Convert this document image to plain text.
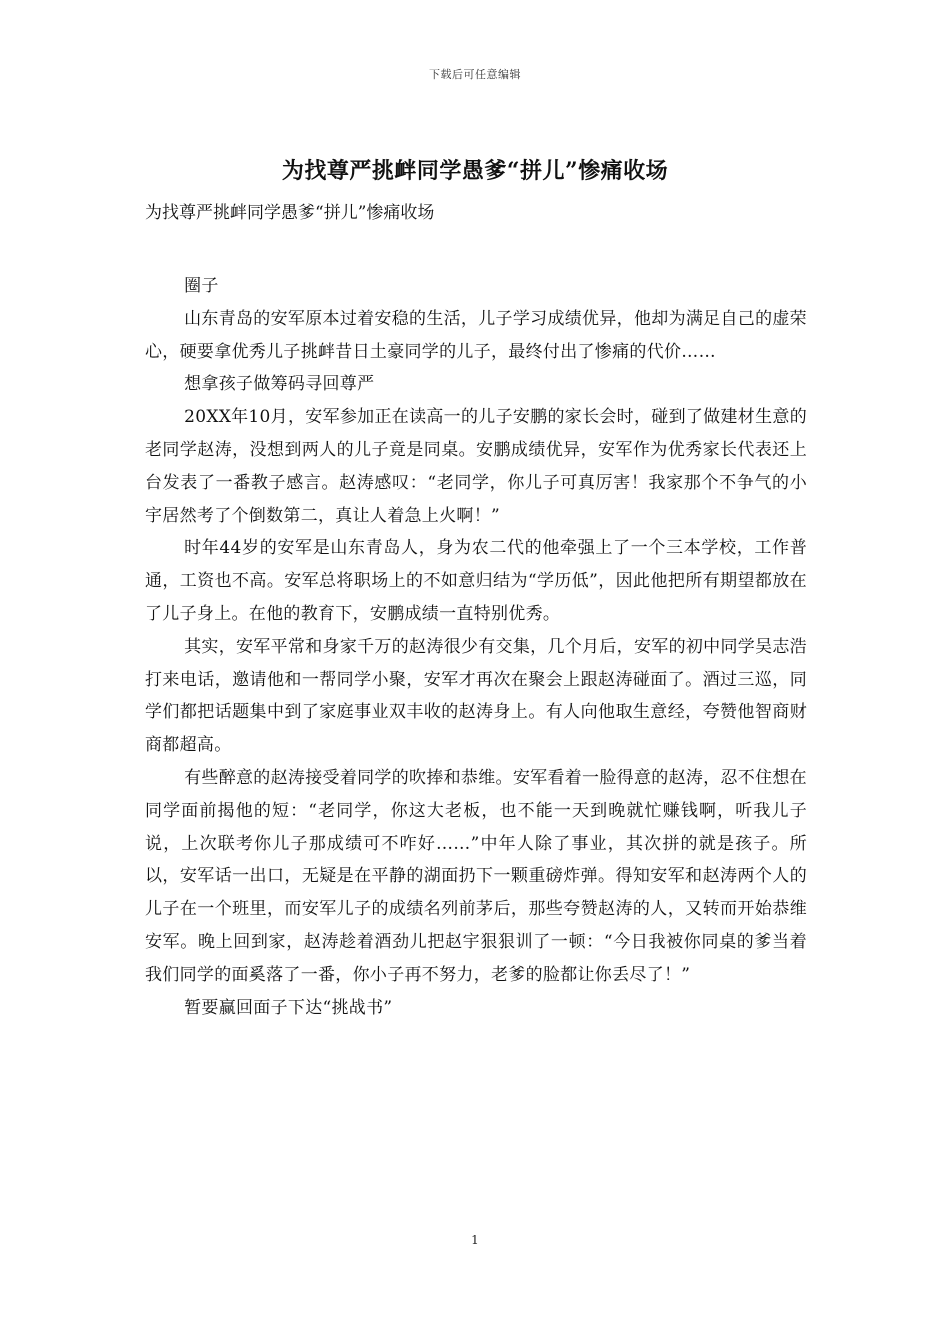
下载后可任意编辑
为找尊严挑衅同学愚爹“拼儿”惨痛收场
为找尊严挑衅同学愚爹“拼儿”惨痛收场

圈子

山东青岛的安军原本过着安稳的生活，儿子学习成绩优异，他却为满足自己的虚荣心，硬要拿优秀儿子挑衅昔日土豪同学的儿子，最终付出了惨痛的代价……

想拿孩子做筹码寻回尊严

20XX年10月，安军参加正在读高一的儿子安鹏的家长会时，碰到了做建材生意的老同学赵涛，没想到两人的儿子竟是同桌。安鹏成绩优异，安军作为优秀家长代表还上台发表了一番教子感言。赵涛感叹：“老同学，你儿子可真厉害！我家那个不争气的小宇居然考了个倒数第二，真让人着急上火啊！”

时年44岁的安军是山东青岛人，身为农二代的他牵强上了一个三本学校，工作普通，工资也不高。安军总将职场上的不如意归结为“学历低”，因此他把所有期望都放在了儿子身上。在他的教育下，安鹏成绩一直特别优秀。

其实，安军平常和身家千万的赵涛很少有交集，几个月后，安军的初中同学吴志浩打来电话，邀请他和一帮同学小聚，安军才再次在聚会上跟赵涛碰面了。酒过三巡，同学们都把话题集中到了家庭事业双丰收的赵涛身上。有人向他取生意经，夸赞他智商财商都超高。

有些醉意的赵涛接受着同学的吹捧和恭维。安军看着一脸得意的赵涛，忍不住想在同学面前揭他的短：“老同学，你这大老板，也不能一天到晚就忙赚钱啊，听我儿子说，上次联考你儿子那成绩可不咋好……”中年人除了事业，其次拼的就是孩子。所以，安军话一出口，无疑是在平静的湖面扔下一颗重磅炸弹。得知安军和赵涛两个人的儿子在一个班里，而安军儿子的成绩名列前茅后，那些夸赞赵涛的人，又转而开始恭维安军。晚上回到家，赵涛趁着酒劲儿把赵宇狠狠训了一顿：“今日我被你同桌的爹当着我们同学的面奚落了一番，你小子再不努力，老爹的脸都让你丢尽了！”

暂要赢回面子下达“挑战书”

1
